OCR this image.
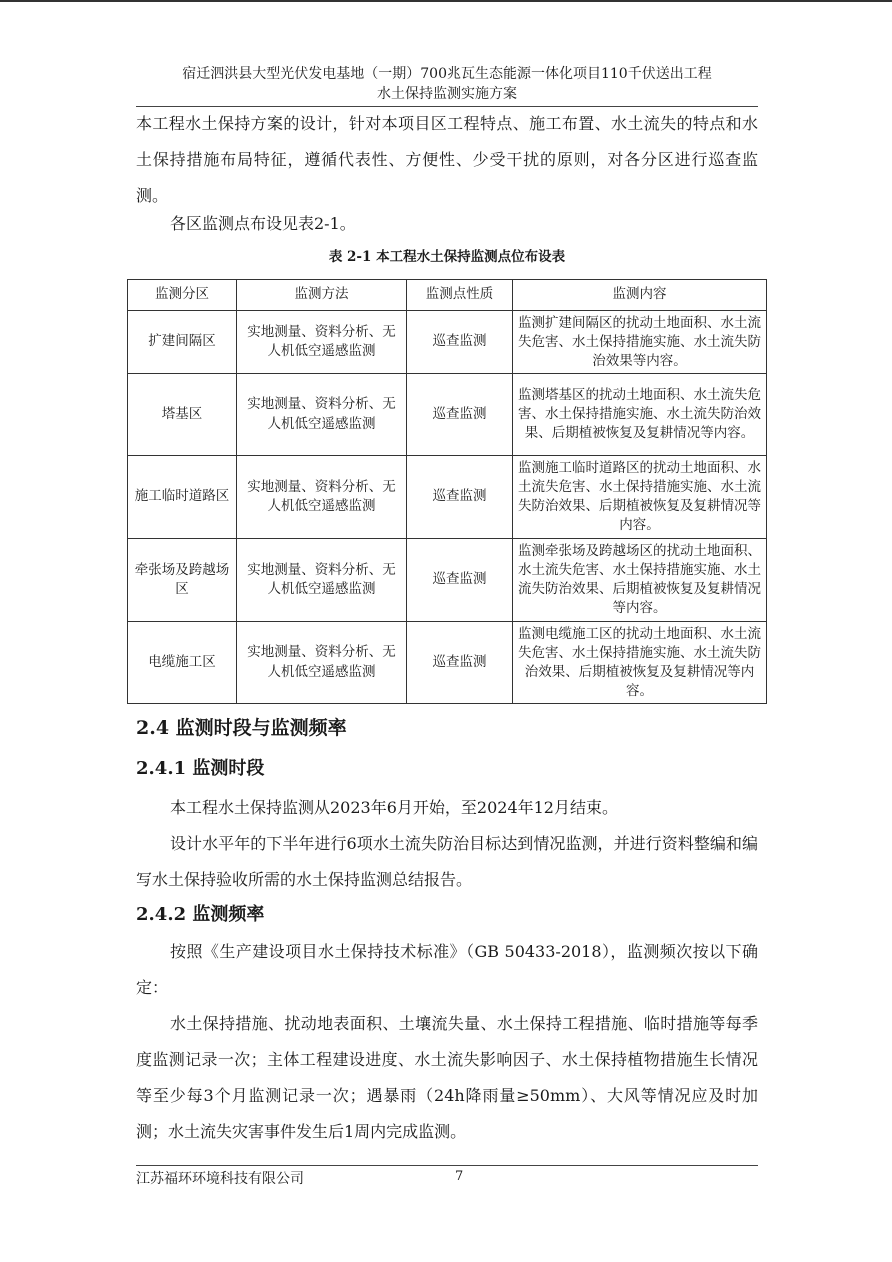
宿迁泗洪县大型光伏发电基地（一期）700兆瓦生态能源一体化项目110千伏送出工程
水土保持监测实施方案

本工程水土保持方案的设计，针对本项目区工程特点、施工布置、水土流失的特点和水土保持措施布局特征，遵循代表性、方便性、少受干扰的原则，对各分区进行巡查监测。

各区监测点布设见表2-1。

表 2-1 本工程水土保持监测点位布设表
监测分区	监测方法	监测点性质	监测内容
扩建间隔区	实地测量、资料分析、无人机低空遥感监测	巡查监测	监测扩建间隔区的扰动土地面积、水土流失危害、水土保持措施实施、水土流失防治效果等内容。
塔基区	实地测量、资料分析、无人机低空遥感监测	巡查监测	监测塔基区的扰动土地面积、水土流失危害、水土保持措施实施、水土流失防治效果、后期植被恢复及复耕情况等内容。
施工临时道路区	实地测量、资料分析、无人机低空遥感监测	巡查监测	监测施工临时道路区的扰动土地面积、水土流失危害、水土保持措施实施、水土流失防治效果、后期植被恢复及复耕情况等内容。
牵张场及跨越场区	实地测量、资料分析、无人机低空遥感监测	巡查监测	监测牵张场及跨越场区的扰动土地面积、水土流失危害、水土保持措施实施、水土流失防治效果、后期植被恢复及复耕情况等内容。
电缆施工区	实地测量、资料分析、无人机低空遥感监测	巡查监测	监测电缆施工区的扰动土地面积、水土流失危害、水土保持措施实施、水土流失防治效果、后期植被恢复及复耕情况等内容。
2.4 监测时段与监测频率
2.4.1 监测时段

本工程水土保持监测从2023年6月开始，至2024年12月结束。

设计水平年的下半年进行6项水土流失防治目标达到情况监测，并进行资料整编和编写水土保持验收所需的水土保持监测总结报告。

2.4.2 监测频率

按照《生产建设项目水土保持技术标准》（GB 50433-2018），监测频次按以下确定：

水土保持措施、扰动地表面积、土壤流失量、水土保持工程措施、临时措施等每季度监测记录一次；主体工程建设进度、水土流失影响因子、水土保持植物措施生长情况等至少每3个月监测记录一次；遇暴雨（24h降雨量≥50mm）、大风等情况应及时加测；水土流失灾害事件发生后1周内完成监测。

江苏福环环境科技有限公司	7
